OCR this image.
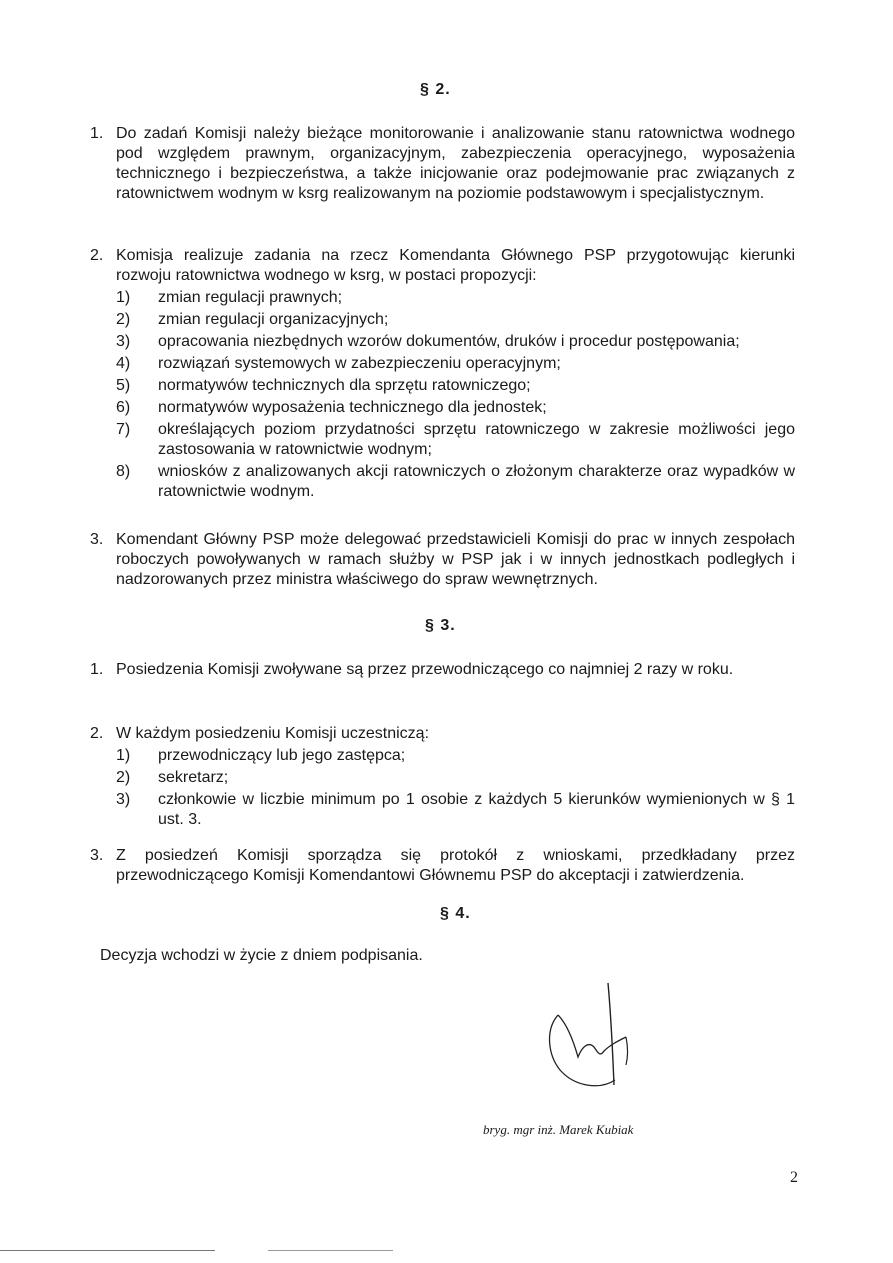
§ 2.
1. Do zadań Komisji należy bieżące monitorowanie i analizowanie stanu ratownictwa wodnego pod względem prawnym, organizacyjnym, zabezpieczenia operacyjnego, wyposażenia technicznego i bezpieczeństwa, a także inicjowanie oraz podejmowanie prac związanych z ratownictwem wodnym w ksrg realizowanym na poziomie podstawowym i specjalistycznym.
2. Komisja realizuje zadania na rzecz Komendanta Głównego PSP przygotowując kierunki rozwoju ratownictwa wodnego w ksrg, w postaci propozycji:
1) zmian regulacji prawnych;
2) zmian regulacji organizacyjnych;
3) opracowania niezbędnych wzorów dokumentów, druków i procedur postępowania;
4) rozwiązań systemowych w zabezpieczeniu operacyjnym;
5) normatywów technicznych dla sprzętu ratowniczego;
6) normatywów wyposażenia technicznego dla jednostek;
7) określających poziom przydatności sprzętu ratowniczego w zakresie możliwości jego zastosowania w ratownictwie wodnym;
8) wniosków z analizowanych akcji ratowniczych o złożonym charakterze oraz wypadków w ratownictwie wodnym.
3. Komendant Główny PSP może delegować przedstawicieli Komisji do prac w innych zespołach roboczych powoływanych w ramach służby w PSP jak i w innych jednostkach podległych i nadzorowanych przez ministra właściwego do spraw wewnętrznych.
§ 3.
1. Posiedzenia Komisji zwoływane są przez przewodniczącego co najmniej 2 razy w roku.
2. W każdym posiedzeniu Komisji uczestniczą:
1) przewodniczący lub jego zastępca;
2) sekretarz;
3) członkowie w liczbie minimum po 1 osobie z każdych 5 kierunków wymienionych w § 1 ust. 3.
3. Z posiedzeń Komisji sporządza się protokół z wnioskami, przedkładany przez przewodniczącego Komisji Komendantowi Głównemu PSP do akceptacji i zatwierdzenia.
§ 4.
Decyzja wchodzi w życie z dniem podpisania.
bryg. mgr inż. Marek Kubiak
2
